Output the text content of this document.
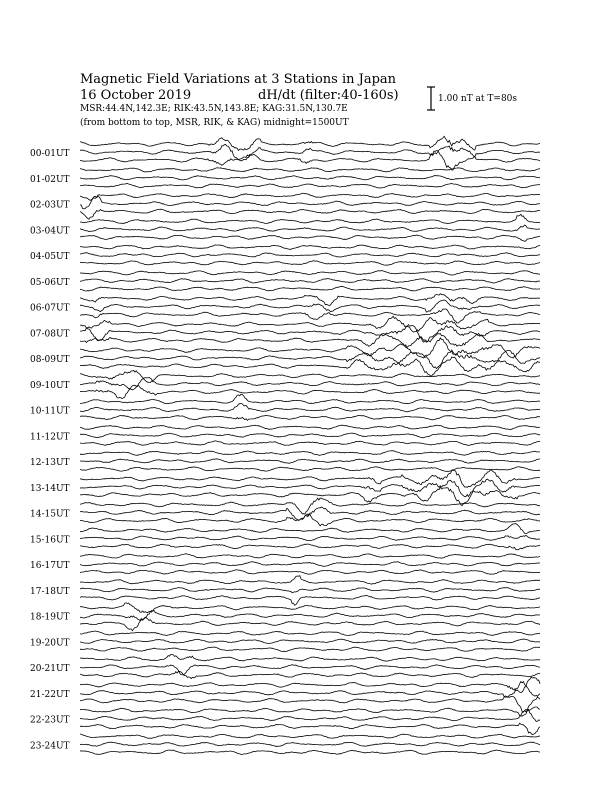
Magnetic Field Variations at 3 Stations in Japan
16 October 2019	dH/dt (filter:40-160s)
MSR:44.4N,142.3E; RIK:43.5N,143.8E; KAG:31.5N,130.7E
(from bottom to top, MSR, RIK, & KAG) midnight=1500UT
1.00 nT at T=80s
00-01UT
01-02UT
02-03UT
03-04UT
04-05UT
05-06UT
06-07UT
07-08UT
08-09UT
09-10UT
10-11UT
11-12UT
12-13UT
13-14UT
14-15UT
15-16UT
16-17UT
17-18UT
18-19UT
19-20UT
20-21UT
21-22UT
22-23UT
23-24UT
